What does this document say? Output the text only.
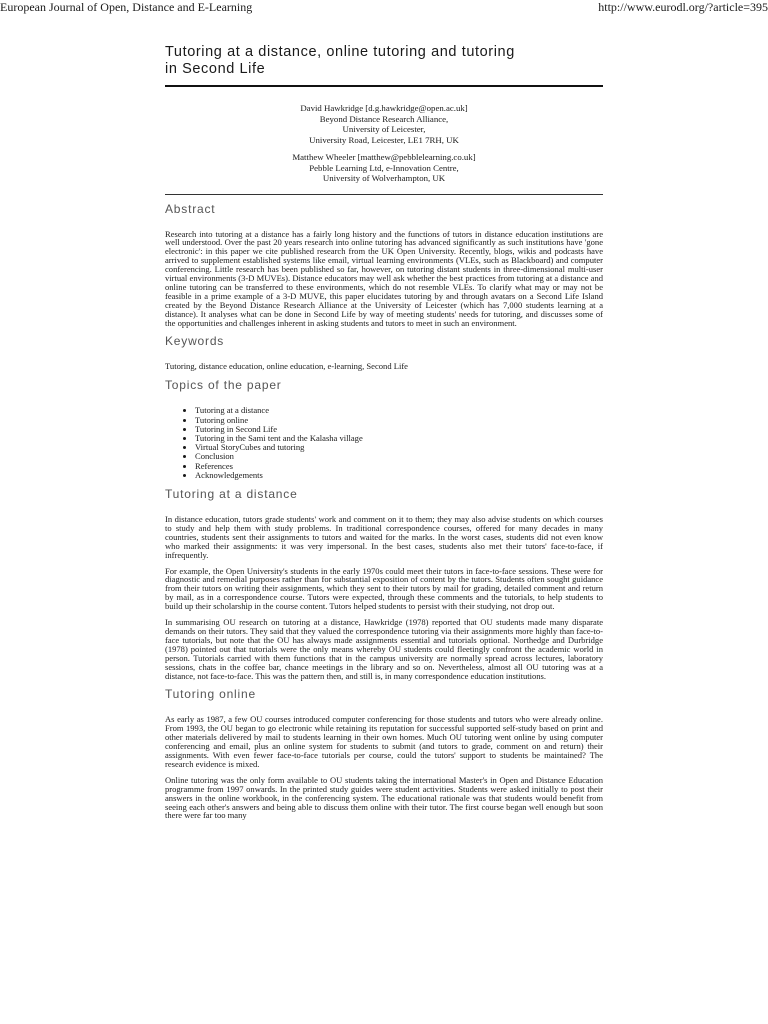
European Journal of Open, Distance and E-Learning	http://www.eurodl.org/?article=395
Tutoring at a distance, online tutoring and tutoring
in Second Life
David Hawkridge [d.g.hawkridge@open.ac.uk]
Beyond Distance Research Alliance,
University of Leicester,
University Road, Leicester, LE1 7RH, UK
Matthew Wheeler [matthew@pebblelearning.co.uk]
Pebble Learning Ltd, e-Innovation Centre,
University of Wolverhampton, UK
Abstract

Research into tutoring at a distance has a fairly long history and the functions of tutors in distance education institutions are well understood. Over the past 20 years research into online tutoring has advanced significantly as such institutions have 'gone electronic': in this paper we cite published research from the UK Open University. Recently, blogs, wikis and podcasts have arrived to supplement established systems like email, virtual learning environments (VLEs, such as Blackboard) and computer conferencing. Little research has been published so far, however, on tutoring distant students in three-dimensional multi-user virtual environments (3-D MUVEs). Distance educators may well ask whether the best practices from tutoring at a distance and online tutoring can be transferred to these environments, which do not resemble VLEs. To clarify what may or may not be feasible in a prime example of a 3-D MUVE, this paper elucidates tutoring by and through avatars on a Second Life Island created by the Beyond Distance Research Alliance at the University of Leicester (which has 7,000 students learning at a distance). It analyses what can be done in Second Life by way of meeting students' needs for tutoring, and discusses some of the opportunities and challenges inherent in asking students and tutors to meet in such an environment.

Keywords

Tutoring, distance education, online education, e-learning, Second Life

Topics of the paper
• Tutoring at a distance
• Tutoring online
• Tutoring in Second Life
• Tutoring in the Sami tent and the Kalasha village
• Virtual StoryCubes and tutoring
• Conclusion
• References
• Acknowledgements
Tutoring at a distance

In distance education, tutors grade students' work and comment on it to them; they may also advise students on which courses to study and help them with study problems. In traditional correspondence courses, offered for many decades in many countries, students sent their assignments to tutors and waited for the marks. In the worst cases, students did not even know who marked their assignments: it was very impersonal. In the best cases, students also met their tutors' face-to-face, if infrequently.

For example, the Open University's students in the early 1970s could meet their tutors in face-to-face sessions. These were for diagnostic and remedial purposes rather than for substantial exposition of content by the tutors. Students often sought guidance from their tutors on writing their assignments, which they sent to their tutors by mail for grading, detailed comment and return by mail, as in a correspondence course. Tutors were expected, through these comments and the tutorials, to help students to build up their scholarship in the course content. Tutors helped students to persist with their studying, not drop out.

In summarising OU research on tutoring at a distance, Hawkridge (1978) reported that OU students made many disparate demands on their tutors. They said that they valued the correspondence tutoring via their assignments more highly than face-to-face tutorials, but note that the OU has always made assignments essential and tutorials optional. Northedge and Durbridge (1978) pointed out that tutorials were the only means whereby OU students could fleetingly confront the academic world in person. Tutorials carried with them functions that in the campus university are normally spread across lectures, laboratory sessions, chats in the coffee bar, chance meetings in the library and so on. Nevertheless, almost all OU tutoring was at a distance, not face-to-face. This was the pattern then, and still is, in many correspondence education institutions.

Tutoring online

As early as 1987, a few OU courses introduced computer conferencing for those students and tutors who were already online. From 1993, the OU began to go electronic while retaining its reputation for successful supported self-study based on print and other materials delivered by mail to students learning in their own homes. Much OU tutoring went online by using computer conferencing and email, plus an online system for students to submit (and tutors to grade, comment on and return) their assignments. With even fewer face-to-face tutorials per course, could the tutors' support to students be maintained? The research evidence is mixed.

Online tutoring was the only form available to OU students taking the international Master's in Open and Distance Education programme from 1997 onwards. In the printed study guides were student activities. Students were asked initially to post their answers in the online workbook, in the conferencing system. The educational rationale was that students would benefit from seeing each other's answers and being able to discuss them online with their tutor. The first course began well enough but soon there were far too many
